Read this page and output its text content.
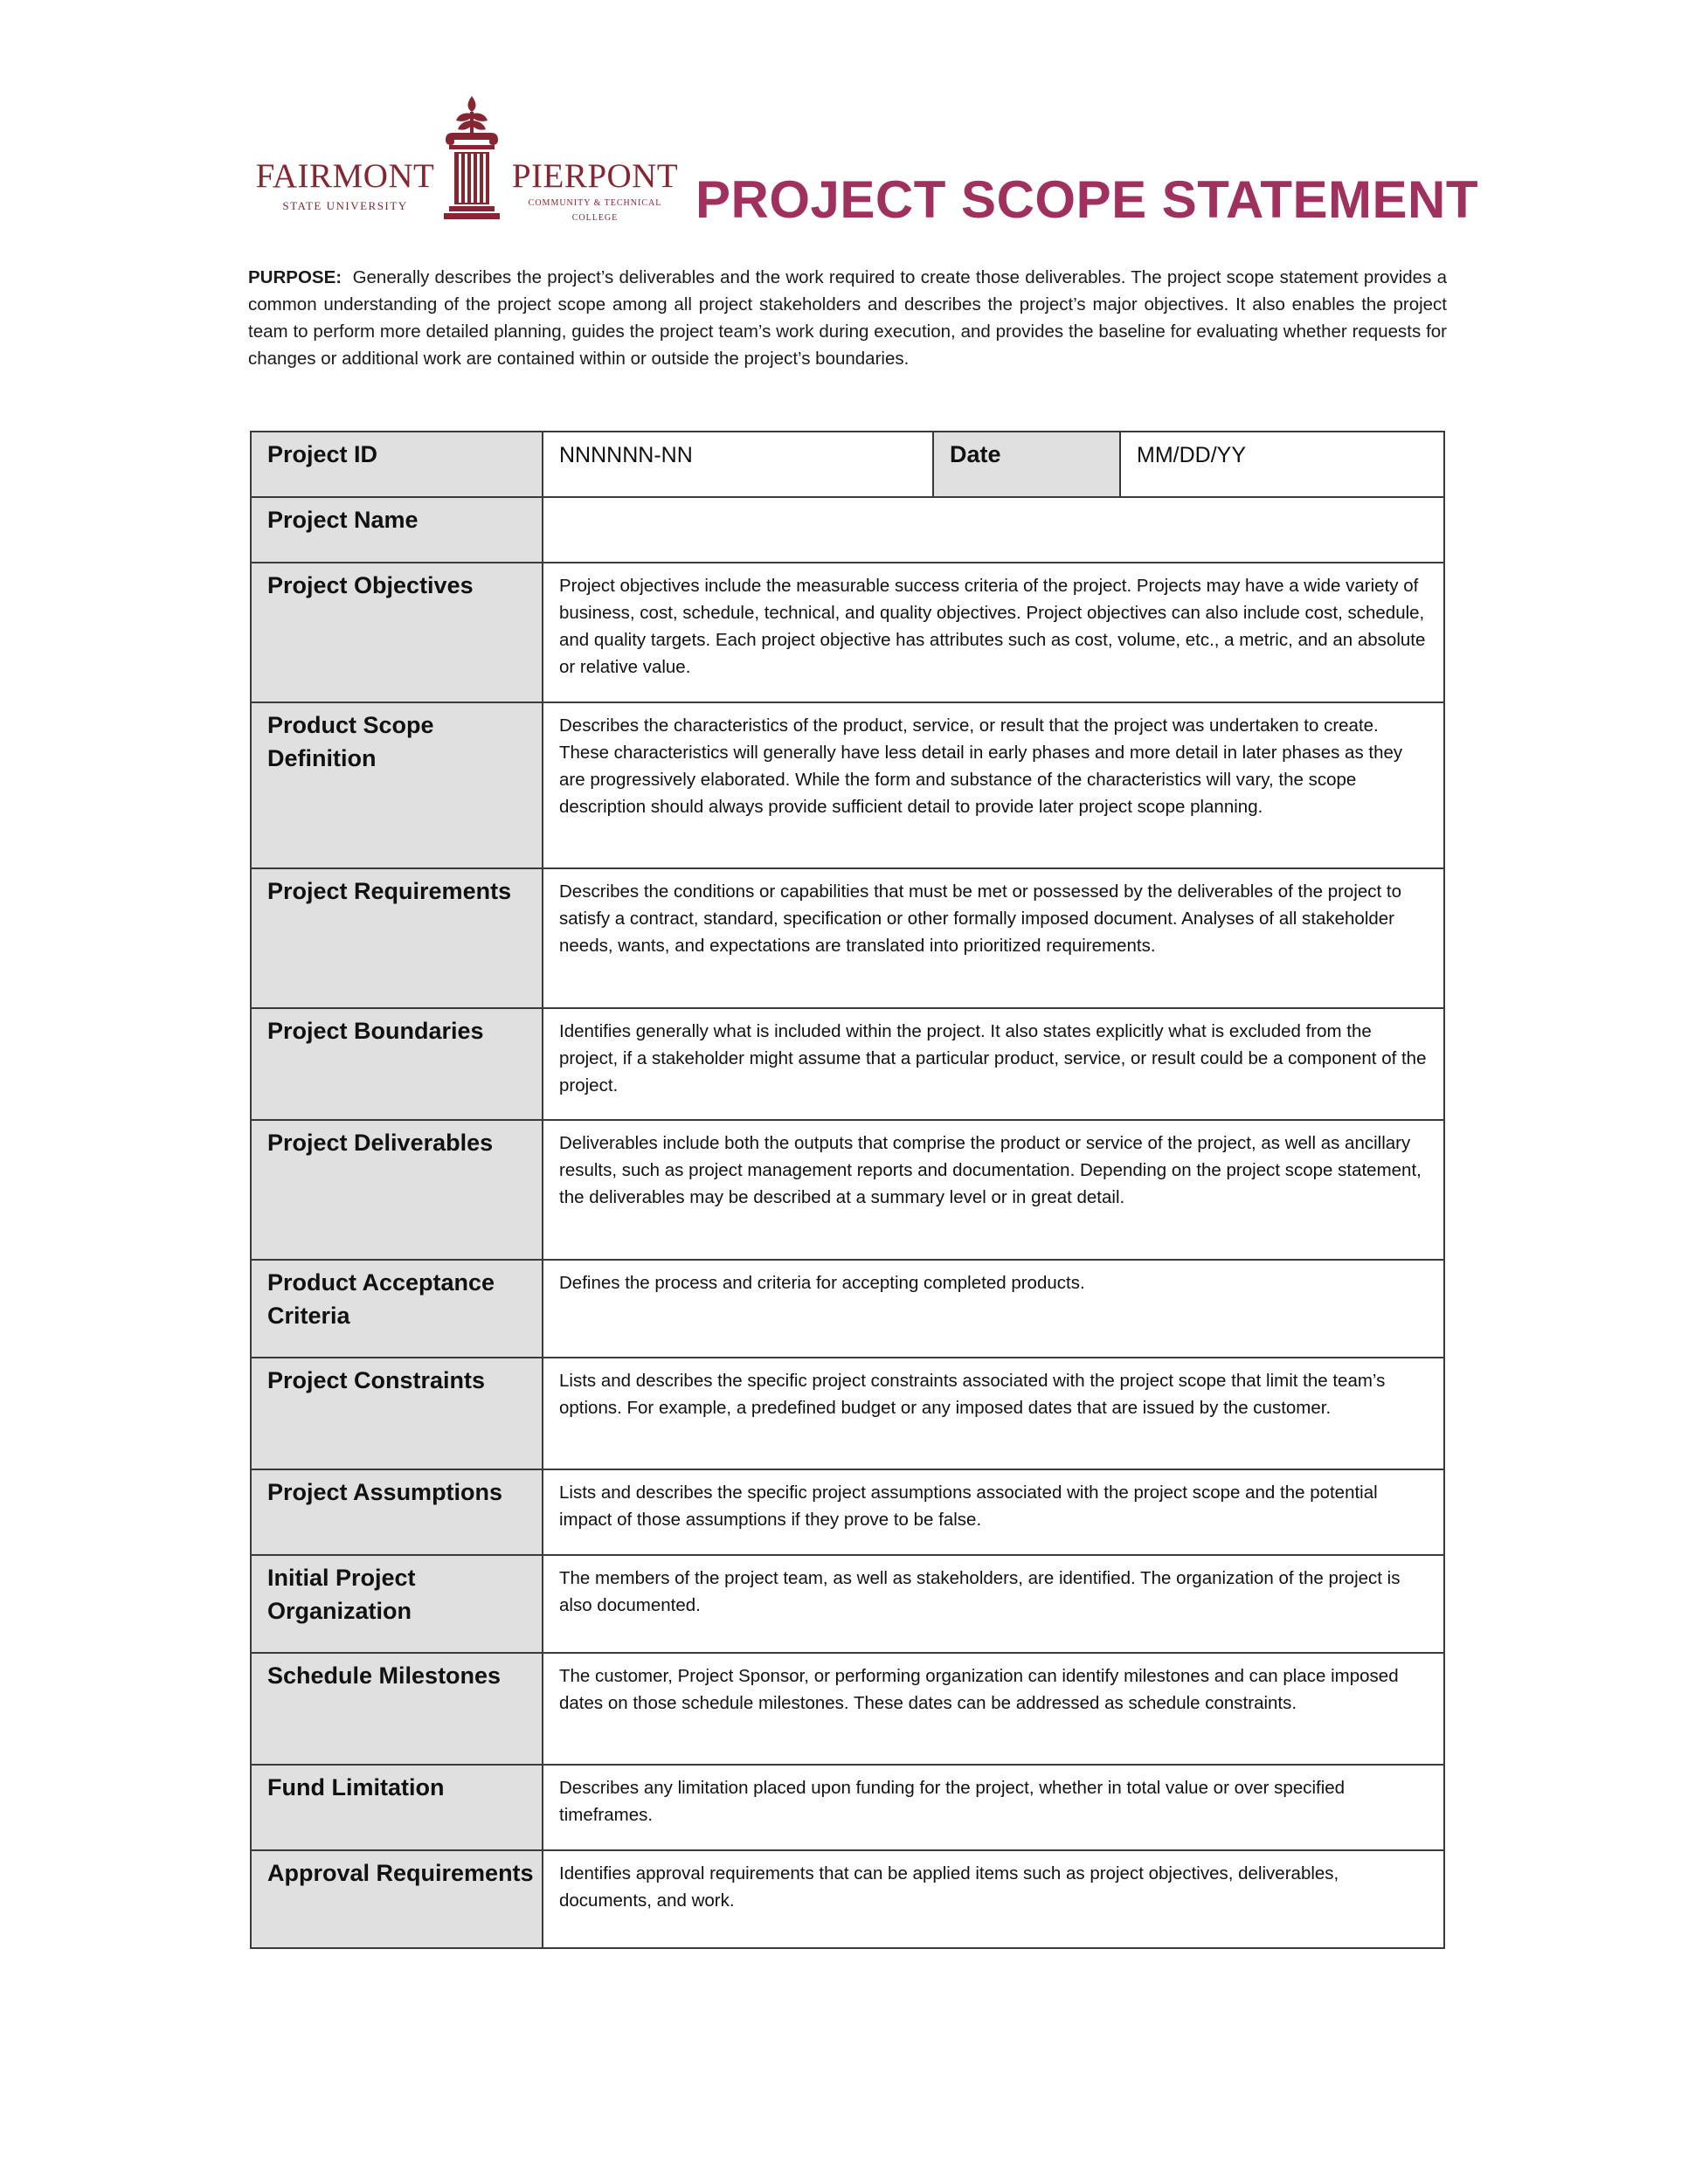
FAIRMONT
STATE UNIVERSITY
PIERPONT
COMMUNITY & TECHNICAL
COLLEGE	PROJECT SCOPE STATEMENT

PURPOSE: Generally describes the project’s deliverables and the work required to create those deliverables. The project scope statement provides a common understanding of the project scope among all project stakeholders and describes the project’s major objectives. It also enables the project team to perform more detailed planning, guides the project team’s work during execution, and provides the baseline for evaluating whether requests for changes or additional work are contained within or outside the project’s boundaries.

Project ID	NNNNNN-NN	Date	MM/DD/YY

Project Name			

Project Objectives	Project objectives include the measurable success criteria of the project. Projects may have a wide variety of business, cost, schedule, technical, and quality objectives. Project objectives can also include cost, schedule, and quality targets. Each project objective has attributes such as cost, volume, etc., a metric, and an absolute or relative value.		

Product Scope Definition	Describes the characteristics of the product, service, or result that the project was undertaken to create. These characteristics will generally have less detail in early phases and more detail in later phases as they are progressively elaborated. While the form and substance of the characteristics will vary, the scope description should always provide sufficient detail to provide later project scope planning.		

Project Requirements	Describes the conditions or capabilities that must be met or possessed by the deliverables of the project to satisfy a contract, standard, specification or other formally imposed document. Analyses of all stakeholder needs, wants, and expectations are translated into prioritized requirements.		

Project Boundaries	Identifies generally what is included within the project. It also states explicitly what is excluded from the project, if a stakeholder might assume that a particular product, service, or result could be a component of the project.		

Project Deliverables	Deliverables include both the outputs that comprise the product or service of the project, as well as ancillary results, such as project management reports and documentation. Depending on the project scope statement, the deliverables may be described at a summary level or in great detail.		

Product Acceptance Criteria	Defines the process and criteria for accepting completed products.		

Project Constraints	Lists and describes the specific project constraints associated with the project scope that limit the team’s options. For example, a predefined budget or any imposed dates that are issued by the customer.		

Project Assumptions	Lists and describes the specific project assumptions associated with the project scope and the potential impact of those assumptions if they prove to be false.		

Initial Project Organization	The members of the project team, as well as stakeholders, are identified. The organization of the project is also documented.		

Schedule Milestones	The customer, Project Sponsor, or performing organization can identify milestones and can place imposed dates on those schedule milestones. These dates can be addressed as schedule constraints.		

Fund Limitation	Describes any limitation placed upon funding for the project, whether in total value or over specified timeframes.		

Approval Requirements	Identifies approval requirements that can be applied items such as project objectives, deliverables, documents, and work.		
